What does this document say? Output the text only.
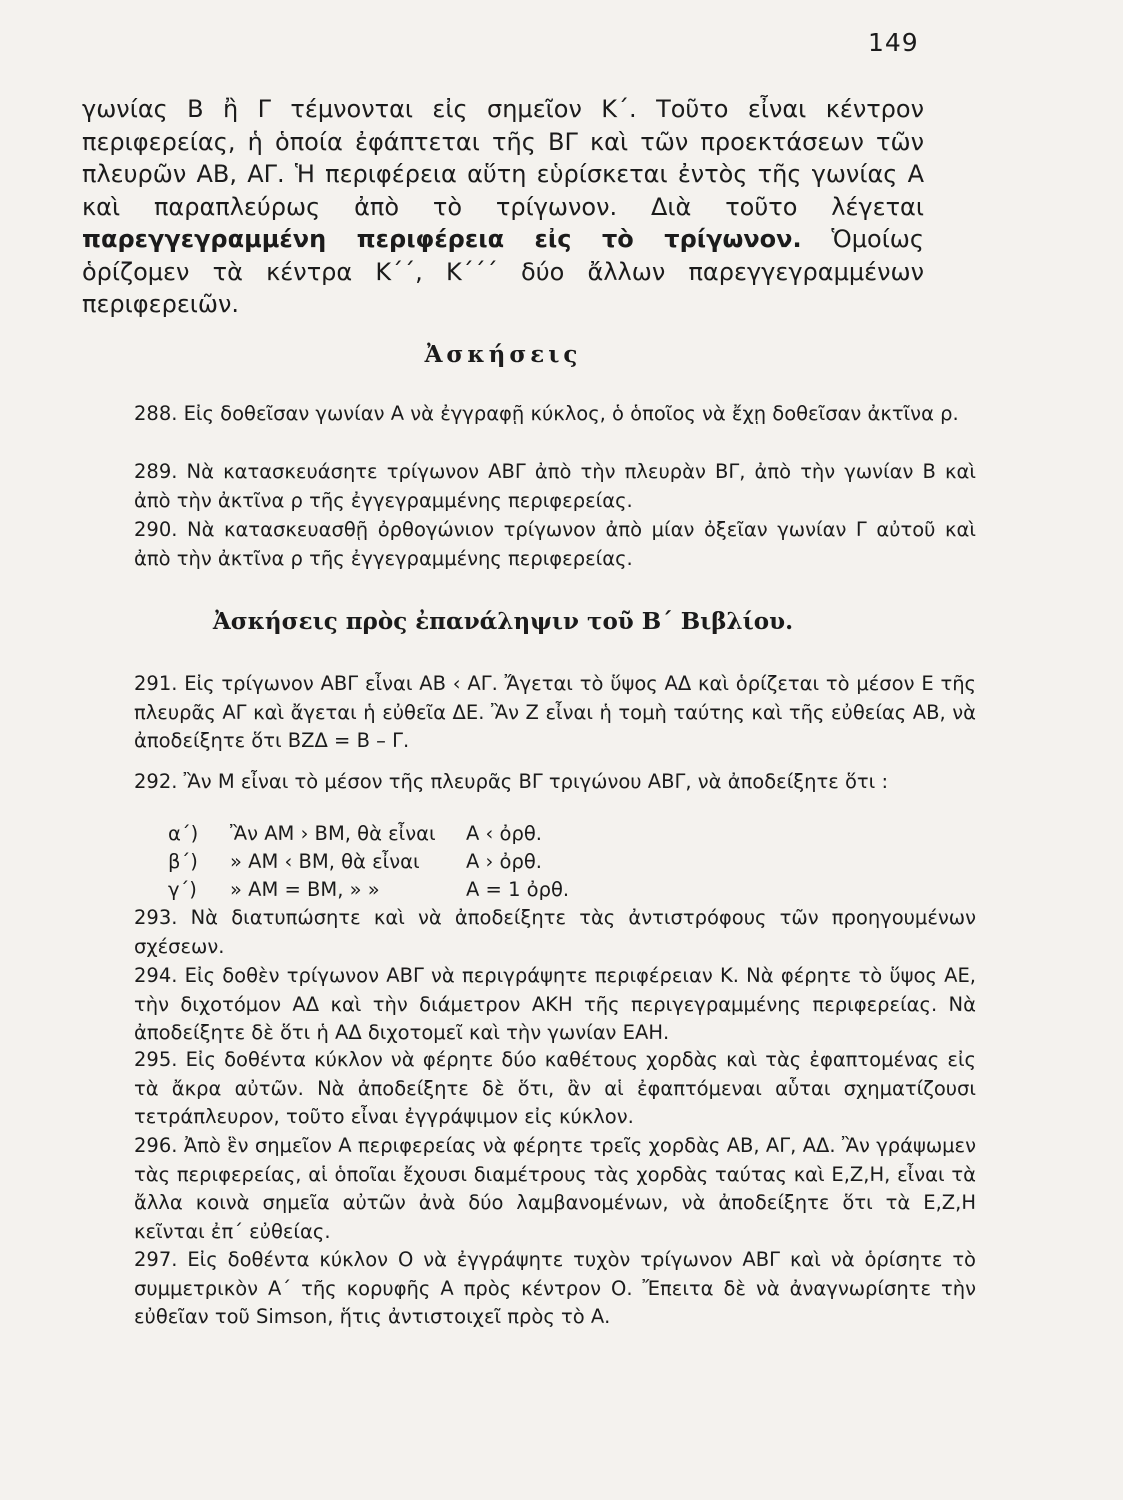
149

γωνίας Β ἢ Γ τέμνονται εἰς σημεῖον Κ΄. Τοῦτο εἶναι κέντρον περιφερείας, ἡ ὁποία ἐφάπτεται τῆς ΒΓ καὶ τῶν προεκτάσεων τῶν πλευρῶν ΑΒ, ΑΓ. Ἡ περιφέρεια αὕτη εὑρίσκεται ἐντὸς τῆς γωνίας Α καὶ παραπλεύρως ἀπὸ τὸ τρίγωνον. Διὰ τοῦτο λέγεται παρεγγεγραμμένη περιφέρεια εἰς τὸ τρίγωνον. Ὁμοίως ὁρίζομεν τὰ κέντρα Κ΄΄, Κ΄΄΄ δύο ἄλλων παρεγγεγραμμένων περιφερειῶν.

Ἀσκήσεις

288. Εἰς δοθεῖσαν γωνίαν Α νὰ ἐγγραφῇ κύκλος, ὁ ὁποῖος νὰ ἔχῃ δοθεῖσαν ἀκτῖνα ρ.

289. Νὰ κατασκευάσητε τρίγωνον ΑΒΓ ἀπὸ τὴν πλευρὰν ΒΓ, ἀπὸ τὴν γωνίαν Β καὶ ἀπὸ τὴν ἀκτῖνα ρ τῆς ἐγγεγραμμένης περιφερείας.

290. Νὰ κατασκευασθῇ ὀρθογώνιον τρίγωνον ἀπὸ μίαν ὀξεῖαν γωνίαν Γ αὐτοῦ καὶ ἀπὸ τὴν ἀκτῖνα ρ τῆς ἐγγεγραμμένης περιφερείας.

Ἀσκήσεις πρὸς ἐπανάληψιν τοῦ Β΄ Βιβλίου.

291. Εἰς τρίγωνον ΑΒΓ εἶναι ΑΒ ‹ ΑΓ. Ἄγεται τὸ ὕψος ΑΔ καὶ ὁρίζεται τὸ μέσον Ε τῆς πλευρᾶς ΑΓ καὶ ἄγεται ἡ εὐθεῖα ΔΕ. Ἂν Ζ εἶναι ἡ τομὴ ταύτης καὶ τῆς εὐθείας ΑΒ, νὰ ἀποδείξητε ὅτι ΒΖΔ = Β – Γ.

292. Ἂν Μ εἶναι τὸ μέσον τῆς πλευρᾶς ΒΓ τριγώνου ΑΒΓ, νὰ ἀποδείξητε ὅτι :

α΄)	Ἂν ΑΜ › ΒΜ, θὰ εἶναι	Α ‹ ὀρθ.
β΄)	» ΑΜ ‹ ΒΜ, θὰ εἶναι	Α › ὀρθ.
γ΄)	» ΑΜ = ΒΜ, » »	Α = 1 ὀρθ.

293. Νὰ διατυπώσητε καὶ νὰ ἀποδείξητε τὰς ἀντιστρόφους τῶν προηγουμένων σχέσεων.

294. Εἰς δοθὲν τρίγωνον ΑΒΓ νὰ περιγράψητε περιφέρειαν Κ. Νὰ φέρητε τὸ ὕψος ΑΕ, τὴν διχοτόμον ΑΔ καὶ τὴν διάμετρον ΑΚΗ τῆς περιγεγραμμένης περιφερείας. Νὰ ἀποδείξητε δὲ ὅτι ἡ ΑΔ διχοτομεῖ καὶ τὴν γωνίαν ΕΑΗ.

295. Εἰς δοθέντα κύκλον νὰ φέρητε δύο καθέτους χορδὰς καὶ τὰς ἐφαπτομένας εἰς τὰ ἄκρα αὐτῶν. Νὰ ἀποδείξητε δὲ ὅτι, ἂν αἱ ἐφαπτόμεναι αὗται σχηματίζουσι τετράπλευρον, τοῦτο εἶναι ἐγγράψιμον εἰς κύκλον.

296. Ἀπὸ ἓν σημεῖον Α περιφερείας νὰ φέρητε τρεῖς χορδὰς ΑΒ, ΑΓ, ΑΔ. Ἂν γράψωμεν τὰς περιφερείας, αἱ ὁποῖαι ἔχουσι διαμέτρους τὰς χορδὰς ταύτας καὶ Ε,Ζ,Η, εἶναι τὰ ἄλλα κοινὰ σημεῖα αὐτῶν ἀνὰ δύο λαμβανομένων, νὰ ἀποδείξητε ὅτι τὰ Ε,Ζ,Η κεῖνται ἐπ΄ εὐθείας.

297. Εἰς δοθέντα κύκλον Ο νὰ ἐγγράψητε τυχὸν τρίγωνον ΑΒΓ καὶ νὰ ὁρίσητε τὸ συμμετρικὸν Α΄ τῆς κορυφῆς Α πρὸς κέντρον Ο. Ἔπειτα δὲ νὰ ἀναγνωρίσητε τὴν εὐθεῖαν τοῦ Simson, ἥτις ἀντιστοιχεῖ πρὸς τὸ Α.
